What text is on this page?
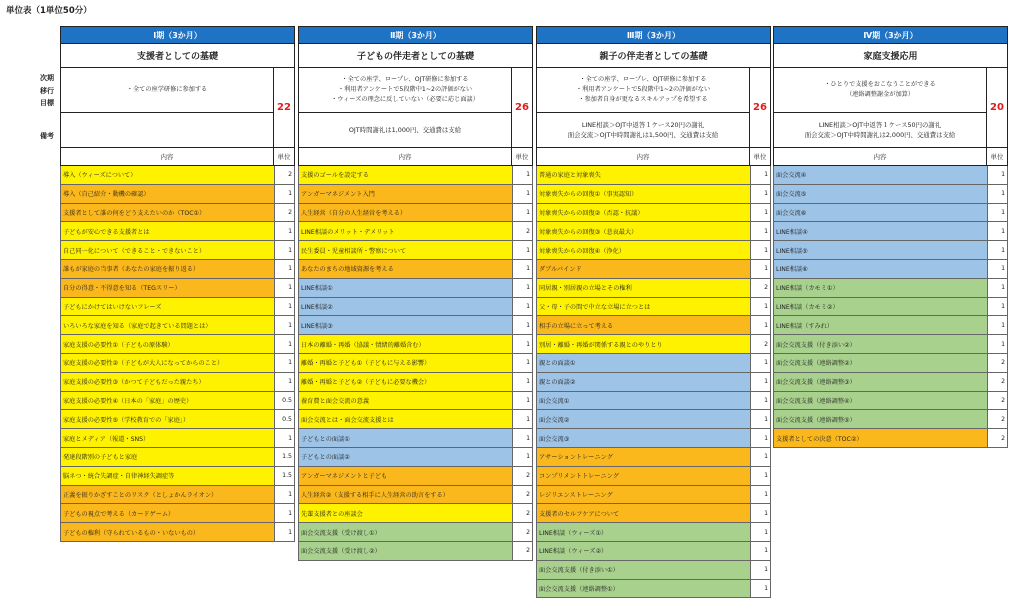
単位表（1単位50分）
次期
移行
目標
備考
Ⅰ期（3か月）
支援者としての基礎
・全ての座学研修に参加する
22
内容	単位
導入（ウィーズについて）	2
導入（自己紹介・動機の確認）	1
支援者として誰の何をどう支えたいのか（TOC①）	2
子どもが安心できる支援者とは	1
自己同一化について（できること・できないこと）	1
誰もが家庭の当事者（あなたの家庭を振り返る）	1
自分の得意・不得意を知る（TEGスリー）	1
子どもにかけてはいけないフレーズ	1
いろいろな家庭を知る（家庭で起きている問題とは）	1
家庭支援の必要性①（子どもの原体験）	1
家庭支援の必要性②（子どもが大人になってからのこと）	1
家庭支援の必要性③（かつて子どもだった親たち）	1
家庭支援の必要性④（日本の「家庭」の歴史）	0.5
家庭支援の必要性⑤（学校教育での「家庭」）	0.5
家庭とメディア（報道・SNS）	1
発達段階別の子どもと家庭	1.5
脳ネつ・統合失調症・自律神経失調症等	1.5
正義を振りかざすことのリスク（としょかんライオン）	1
子どもの視点で考える（カードゲーム）	1
子どもの権利（守られているもの・いないもの）	1
Ⅱ期（3か月）
子どもの伴走者としての基礎
・全ての座学、ロープレ、OJT研修に参加する
・利用者アンケートで5段階中1~2の評価がない
・ウィーズの理念に反していない（必要に応じ面談）
OJT時間謝礼は1,000円、交通費は支給
26
内容	単位
支援のゴールを設定する	1
アンガーマネジメント入門	1
人生経営（自分の人生経営を考える）	1
LINE相談のメリット・デメリット	2
民生委員・児童相談所・警察について	1
あなたのまちの地域資源を考える	1
LINE相談①	1
LINE相談②	1
LINE相談③	1
日本の離婚・再婚（協議・情緒的離婚含む）	1
離婚・再婚と子ども①（子どもに与える影響）	1
離婚・再婚と子ども②（子どもに必要な機会）	1
養育費と面会交流の意義	1
面会交流とは・面会交流支援とは	1
子どもとの面談①	1
子どもとの面談②	1
アンガーマネジメントと子ども	2
人生経営②（支援する相手に人生経営の助言をする）	2
先輩支援者との座談会	2
面会交流支援（受け渡し①）	2
面会交流支援（受け渡し②）	2
Ⅲ期（3か月）
親子の伴走者としての基礎
・全ての座学、ロープレ、OJT研修に参加する
・利用者アンケートで5段階中1~2の評価がない
・参加者自身が更なるスキルアップを希望する
LINE相談＞OJT中返答１ケース20円の謝礼
面会交流＞OJT中時間謝礼は1,500円、交通費は支給
26
内容	単位
普通の家庭と対象喪失	1
対象喪失からの回復①（事実認知）	1
対象喪失からの回復②（否認・抗議）	1
対象喪失からの回復③（悲哀最大）	1
対象喪失からの回復④（浄化）	1
ダブルバインド	1
同居親・別居親の立場とその権利	2
父・母・子の間で中立な立場に立つとは	1
相手の立場に立って考える	1
別居・離婚・再婚が関係する親とのやりとり	2
親との面談①	1
親との面談②	1
面会交流①	1
面会交流②	1
面会交流③	1
アサーショントレーニング	1
コンプリメントトレーニング	1
レジリエンストレーニング	1
支援者のセルフケアについて	1
LINE相談（ウィーズ①）	1
LINE相談（ウィーズ②）	1
面会交流支援（付き添い①）	1
面会交流支援（連絡調整①）	1
Ⅳ期（3か月）
家庭支援応用
・ひとりで支援をおこなうことができる
（連絡調整謝金が加算）
LINE相談＞OJT中返答１ケース50円の謝礼
面会交流＞OJT中時間謝礼は2,000円、交通費は支給
20
内容	単位
面会交流④	1
面会交流⑤	1
面会交流⑥	1
LINE相談④	1
LINE相談⑤	1
LINE相談⑥	1
LINE相談（カモミ①）	1
LINE相談（カモミ②）	1
LINE相談（すみれ）	1
面会交流支援（付き添い②）	1
面会交流支援（連絡調整②）	2
面会交流支援（連絡調整③）	2
面会交流支援（連絡調整④）	2
面会交流支援（連絡調整⑤）	2
支援者としての決意（TOC②）	2
